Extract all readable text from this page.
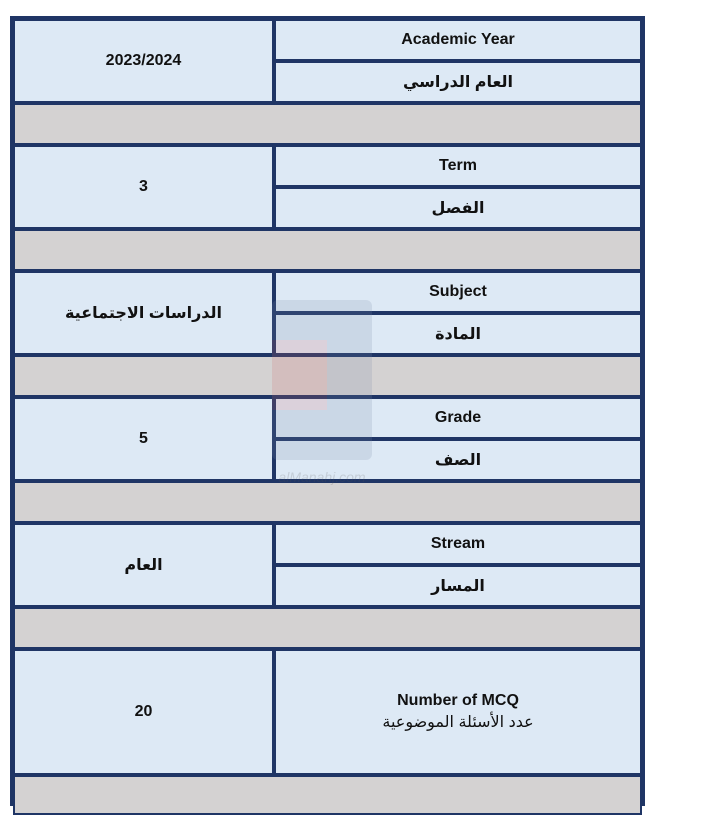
2023/2024
Academic Year
العام الدراسي
3
Term
الفصل
الدراسات الاجتماعية
Subject
المادة
5
Grade
الصف
العام
Stream
المسار
20
Number of MCQ
عدد الأسئلة الموضوعية
